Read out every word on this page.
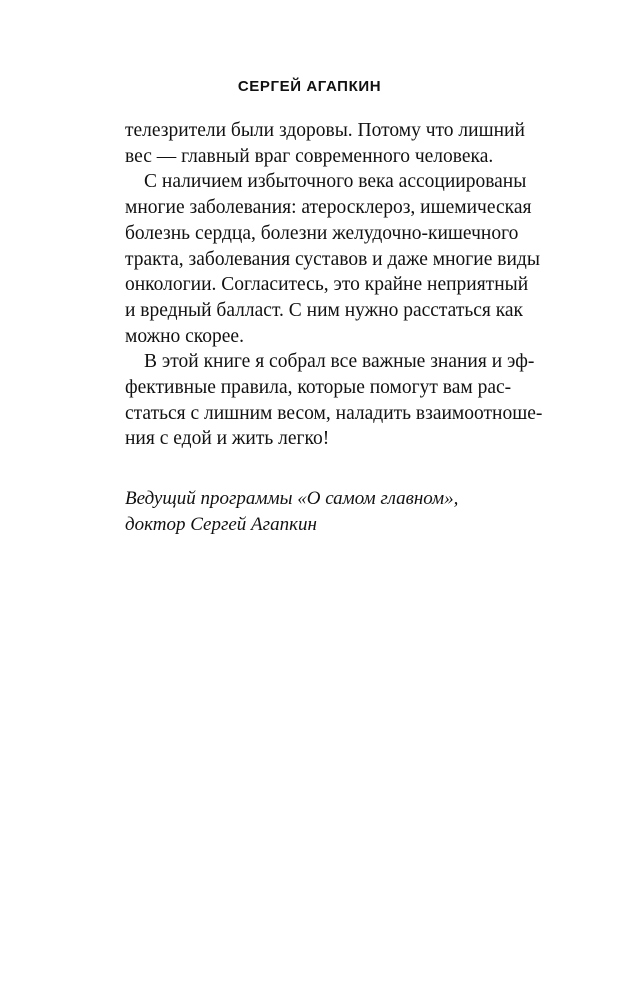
СЕРГЕЙ АГАПКИН
телезрители были здоровы. Потому что лишний
вес — главный враг современного человека.
С наличием избыточного века ассоциированы
многие заболевания: атеросклероз, ишемическая
болезнь сердца, болезни желудочно-кишечного
тракта, заболевания суставов и даже многие виды
онкологии. Согласитесь, это крайне неприятный
и вредный балласт. С ним нужно расстаться как
можно скорее.
В этой книге я собрал все важные знания и эф-
фективные правила, которые помогут вам рас-
статься с лишним весом, наладить взаимоотноше-
ния с едой и жить легко!
Ведущий программы «О самом главном»,
доктор Сергей Агапкин
